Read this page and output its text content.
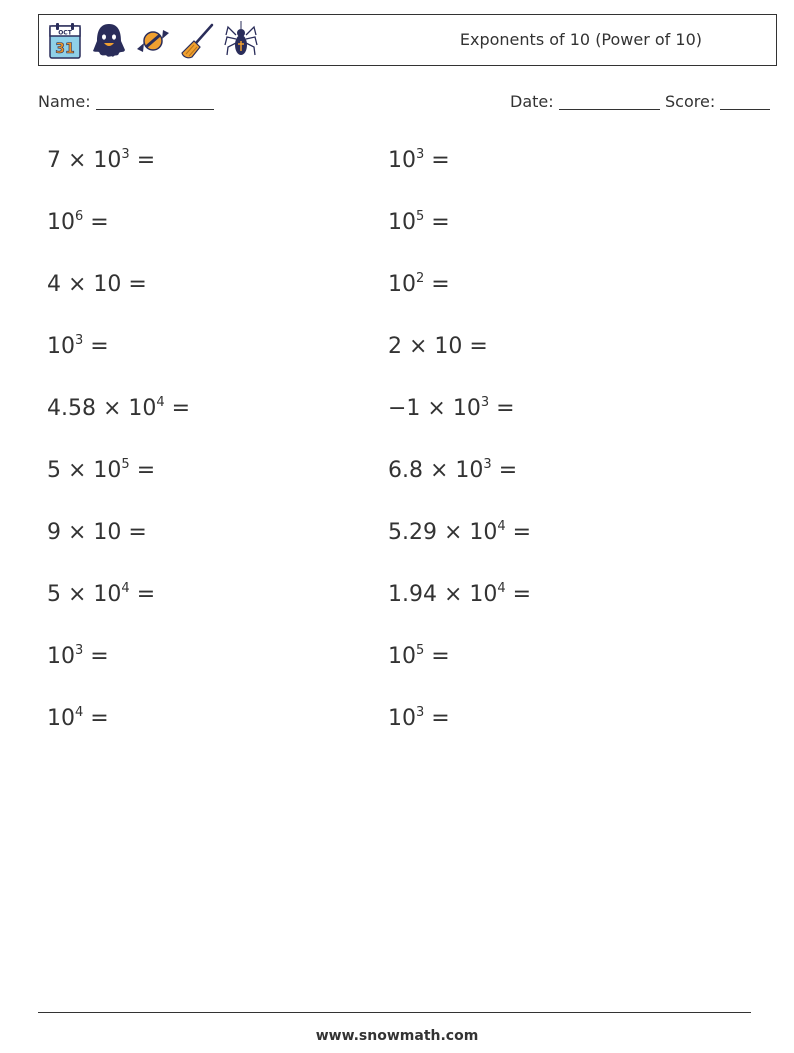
OCT
31	Exponents of 10 (Power of 10)
Name:	Date:	Score:
$7 \times 10^3$ =	$10^3$ =
$10^6$ =	$10^5$ =
4 × 10 =	$10^2$ =
$10^3$ =	2 × 10 =
$4.58 \times 10^4$ =	$-1 \times 10^3$ =
$5 \times 10^5$ =	$6.8 \times 10^3$ =
9 × 10 =	$5.29 \times 10^4$ =
$5 \times 10^4$ =	$1.94 \times 10^4$ =
$10^3$ =	$10^5$ =
$10^4$ =	$10^3$ =
www.snowmath.com
